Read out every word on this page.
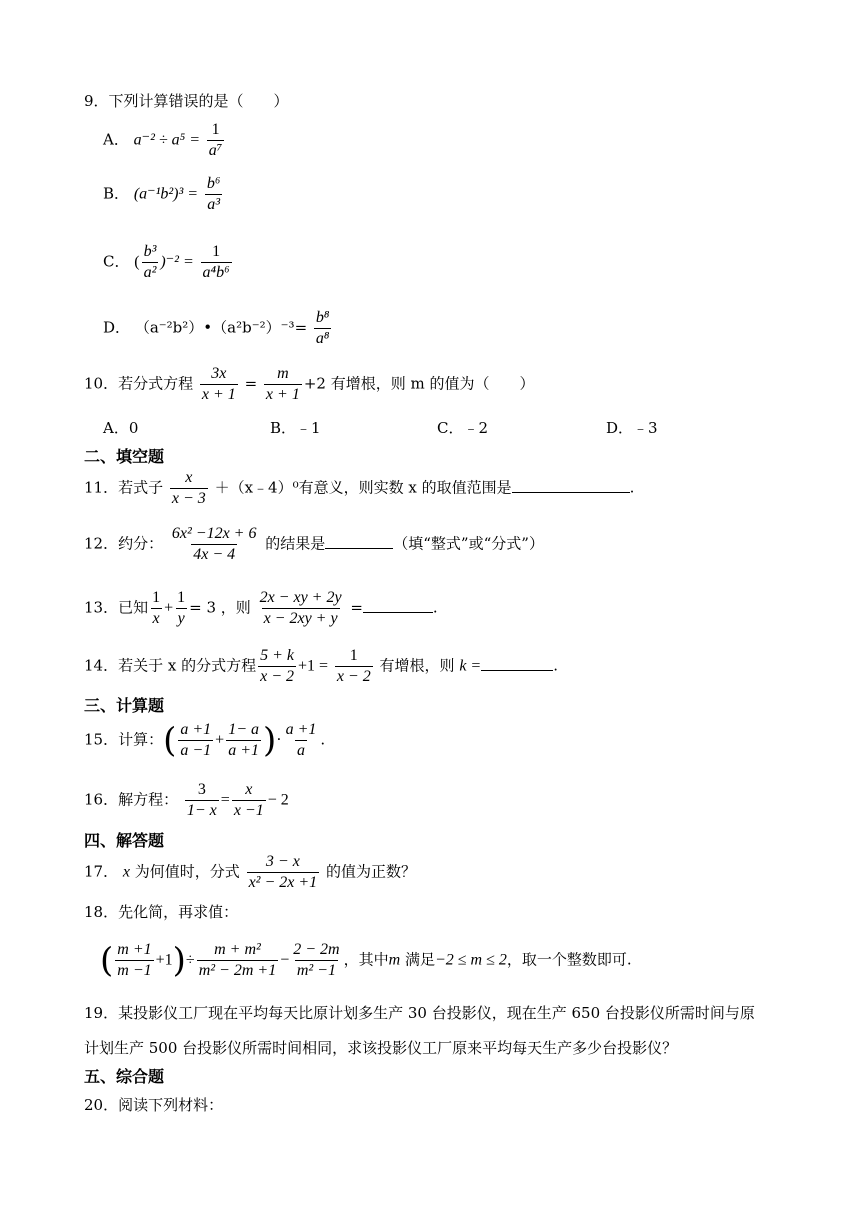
9．下列计算错误的是（　　）
A． $a^{-2} \div a^5 = \frac{1}{\text{a⁷}}$
B． $(a^{-1}b^2)^3 = \frac{\text{b⁶}}{\text{a³}}$
C． ( $\frac{\text{b³}}{\text{a²}} )^{-2} = \frac{1}{\text{a⁴b⁶}}$
D． （a⁻²b²）•（a²b⁻²）⁻³= $\frac{\text{b⁸}}{\text{a⁸}}$
10．若分式方程 $\frac{3x}{x + 1} = \frac{m}{x + 1} +2$ 有增根，则 m 的值为（　　）
A．0	B．﹣1	C．﹣2	D．﹣3
二、填空题
11．若式子 $\frac{x}{x - 3}$ ＋（x﹣4）⁰有意义，则实数 x 的取值范围是	.
12．约分： $\frac{\text{6x² −12x + 6}}{4x - 4}$ 的结果是	（填“整式”或“分式”）
13．已知 $\frac{1}{x} + \frac{1}{y} = 3$ ，则 $\frac{2x - xy + 2y}{x - 2xy + y}$ =	.
14．若关于 x 的分式方程 $\frac{5 + k}{x - 2} +1 = \frac{1}{x - 2}$ 有增根，则 k =	.
三、计算题
15．计算：( $\frac{a +1}{a -1} + \frac{1- a}{a +1}$ )· $\frac{a +1}{a}$ .
16．解方程： $\frac{3}{1- x} = \frac{x}{x -1} - 2$
四、解答题
17． x 为何值时，分式 $\frac{3 - x}{\text{x² − 2x +1}}$ 的值为正数？
18．先化简，再求值：
( $\frac{m +1}{m -1} +1)\div \frac{\text{m + m²}}{\text{m² − 2m +1}} - \frac{2 - 2m}{\text{m² −1}}$ ，其中m 满足−2 ≤ m ≤ 2，取一个整数即可.
19．某投影仪工厂现在平均每天比原计划多生产 30 台投影仪，现在生产 650 台投影仪所需时间与原
计划生产 500 台投影仪所需时间相同，求该投影仪工厂原来平均每天生产多少台投影仪？
五、综合题
20．阅读下列材料：
